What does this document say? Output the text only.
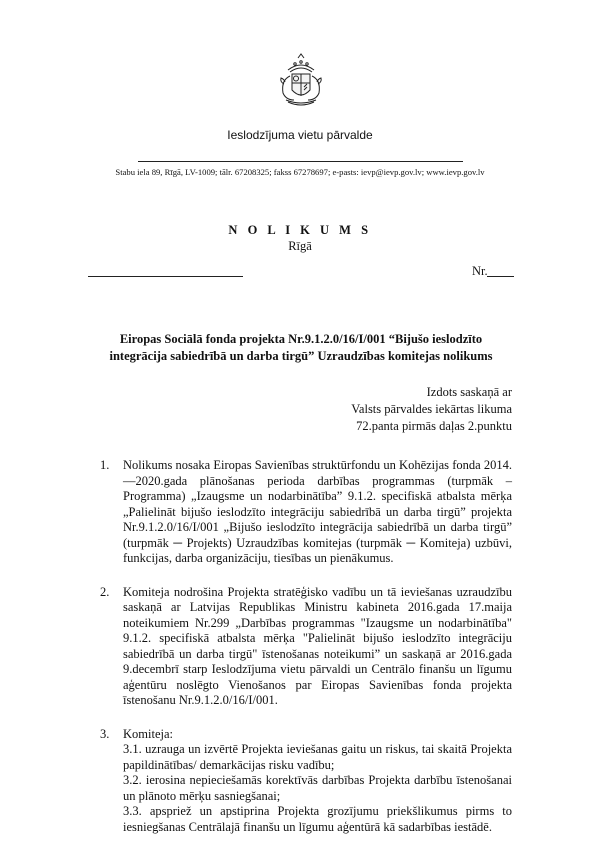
Ieslodzījuma vietu pārvalde
Stabu iela 89, Rīgā, LV-1009; tālr. 67208325; fakss 67278697; e-pasts: ievp@ievp.gov.lv; www.ievp.gov.lv
N O L I K U M S
Rīgā
Nr.
Eiropas Sociālā fonda projekta Nr.9.1.2.0/16/I/001 “Bijušo ieslodzīto integrācija sabiedrībā un darba tirgū” Uzraudzības komitejas nolikums
Izdots saskaņā ar
Valsts pārvaldes iekārtas likuma
72.panta pirmās daļas 2.punktu
1. Nolikums nosaka Eiropas Savienības struktūrfondu un Kohēzijas fonda 2014.—2020.gada plānošanas perioda darbības programmas (turpmāk – Programma) „Izaugsme un nodarbinātība” 9.1.2. specifiskā atbalsta mērķa „Palielināt bijušo ieslodzīto integrāciju sabiedrībā un darba tirgū” projekta Nr.9.1.2.0/16/I/001 „Bijušo ieslodzīto integrācija sabiedrībā un darba tirgū” (turpmāk ─ Projekts) Uzraudzības komitejas (turpmāk ─ Komiteja) uzbūvi, funkcijas, darba organizāciju, tiesības un pienākumus.
2. Komiteja nodrošina Projekta stratēģisko vadību un tā ieviešanas uzraudzību saskaņā ar Latvijas Republikas Ministru kabineta 2016.gada 17.maija noteikumiem Nr.299 „Darbības programmas "Izaugsme un nodarbinātība" 9.1.2. specifiskā atbalsta mērķa "Palielināt bijušo ieslodzīto integrāciju sabiedrībā un darba tirgū" īstenošanas noteikumi” un saskaņā ar 2016.gada 9.decembrī starp Ieslodzījuma vietu pārvaldi un Centrālo finanšu un līgumu aģentūru noslēgto Vienošanos par Eiropas Savienības fonda projekta īstenošanu Nr.9.1.2.0/16/I/001.
3. Komiteja:
3.1. uzrauga un izvērtē Projekta ieviešanas gaitu un riskus, tai skaitā Projekta papildinātības/ demarkācijas risku vadību;
3.2. ierosina nepieciešamās korektīvās darbības Projekta darbību īstenošanai un plānoto mērķu sasniegšanai;
3.3. apspriež un apstiprina Projekta grozījumu priekšlikumus pirms to iesniegšanas Centrālajā finanšu un līgumu aģentūrā kā sadarbības iestādē.
